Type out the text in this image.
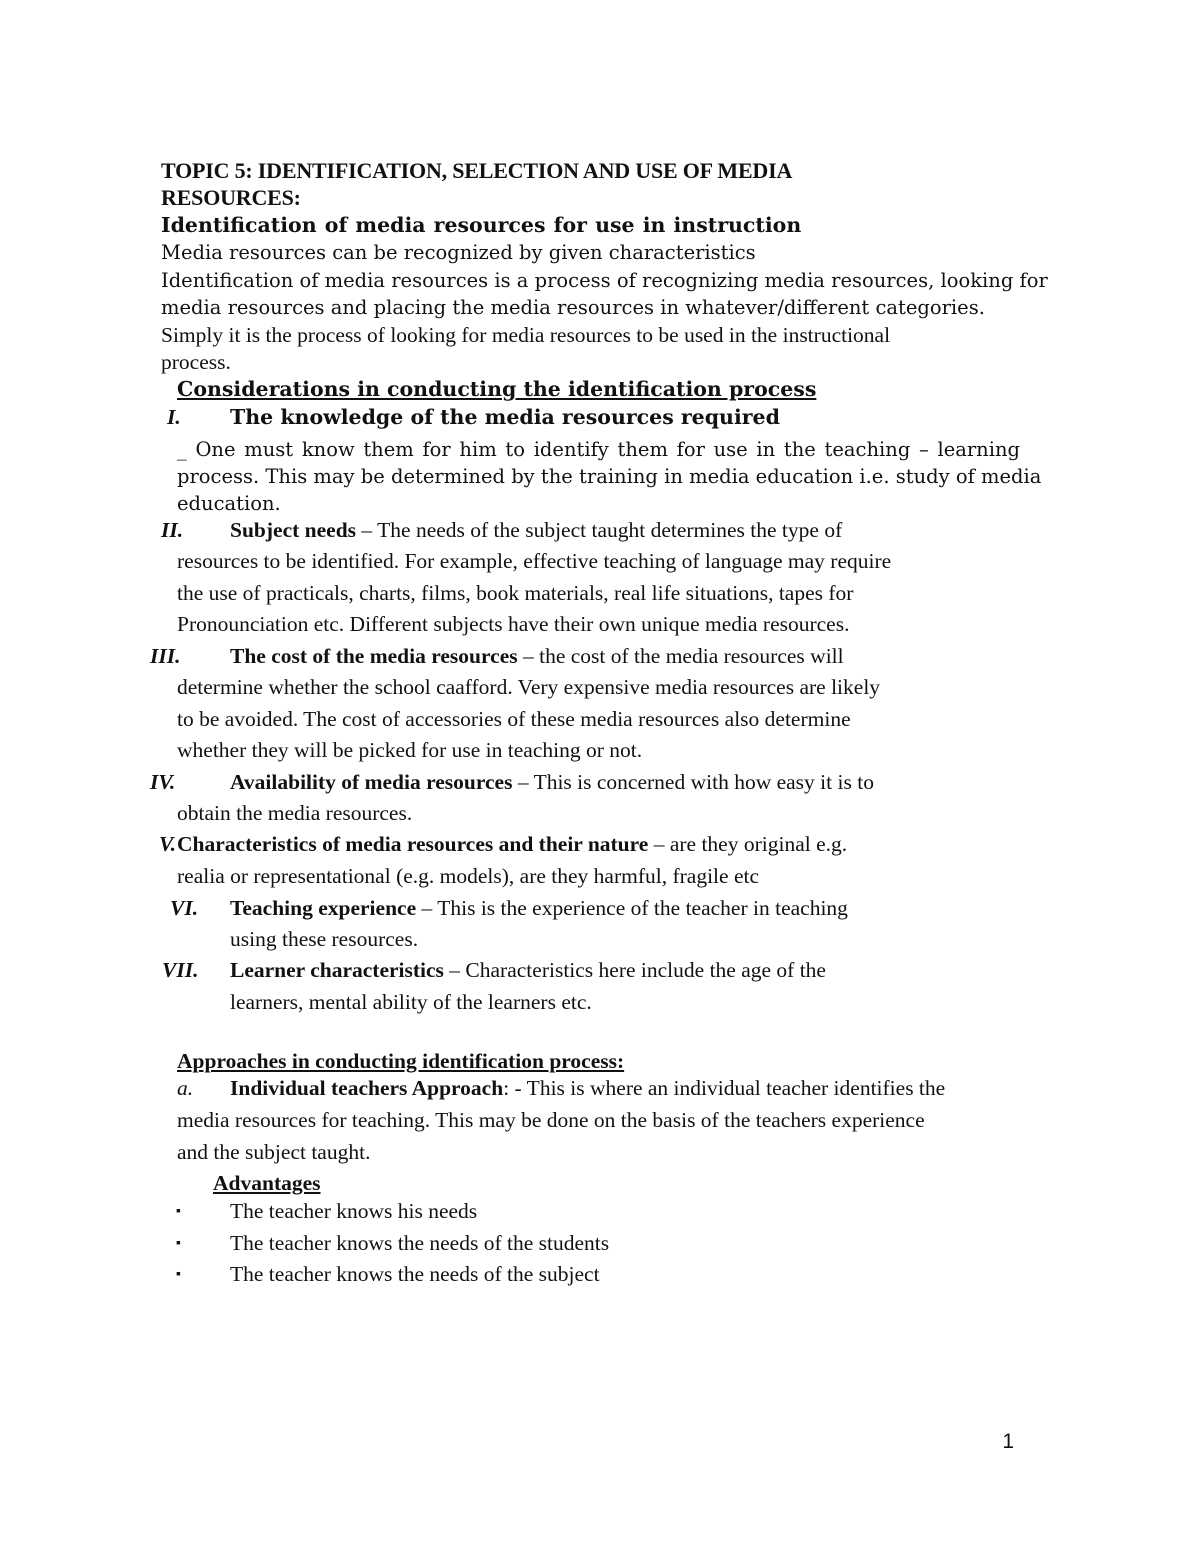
TOPIC 5: IDENTIFICATION, SELECTION AND USE OF MEDIA
RESOURCES:
Identification of media resources for use in instruction
Media resources can be recognized by given characteristics
Identification of media resources is a process of recognizing media resources, looking for
media resources and placing the media resources in whatever/different categories.
Simply it is the process of looking for media resources to be used in the instructional
process.
Considerations in conducting the identification process
I. The knowledge of the media resources required
_ One must know them for him to identify them for use in the teaching – learning
process. This may be determined by the training in media education i.e. study of media
education.
II. Subject needs – The needs of the subject taught determines the type of
resources to be identified. For example, effective teaching of language may require
the use of practicals, charts, films, book materials, real life situations, tapes for
Pronounciation etc. Different subjects have their own unique media resources.
III. The cost of the media resources – the cost of the media resources will
determine whether the school caafford. Very expensive media resources are likely
to be avoided. The cost of accessories of these media resources also determine
whether they will be picked for use in teaching or not.
IV.	Availability of media resources – This is concerned with how easy it is to
obtain the media resources.
V. Characteristics of media resources and their nature – are they original e.g.
realia or representational (e.g. models), are they harmful, fragile etc
VI. Teaching experience – This is the experience of the teacher in teaching
using these resources.
VII. Learner characteristics – Characteristics here include the age of the
learners, mental ability of the learners etc.
Approaches in conducting identification process:
a. Individual teachers Approach: - This is where an individual teacher identifies the
media resources for teaching. This may be done on the basis of the teachers experience
and the subject taught.
Advantages
▪ The teacher knows his needs
▪ The teacher knows the needs of the students
▪ The teacher knows the needs of the subject
1
